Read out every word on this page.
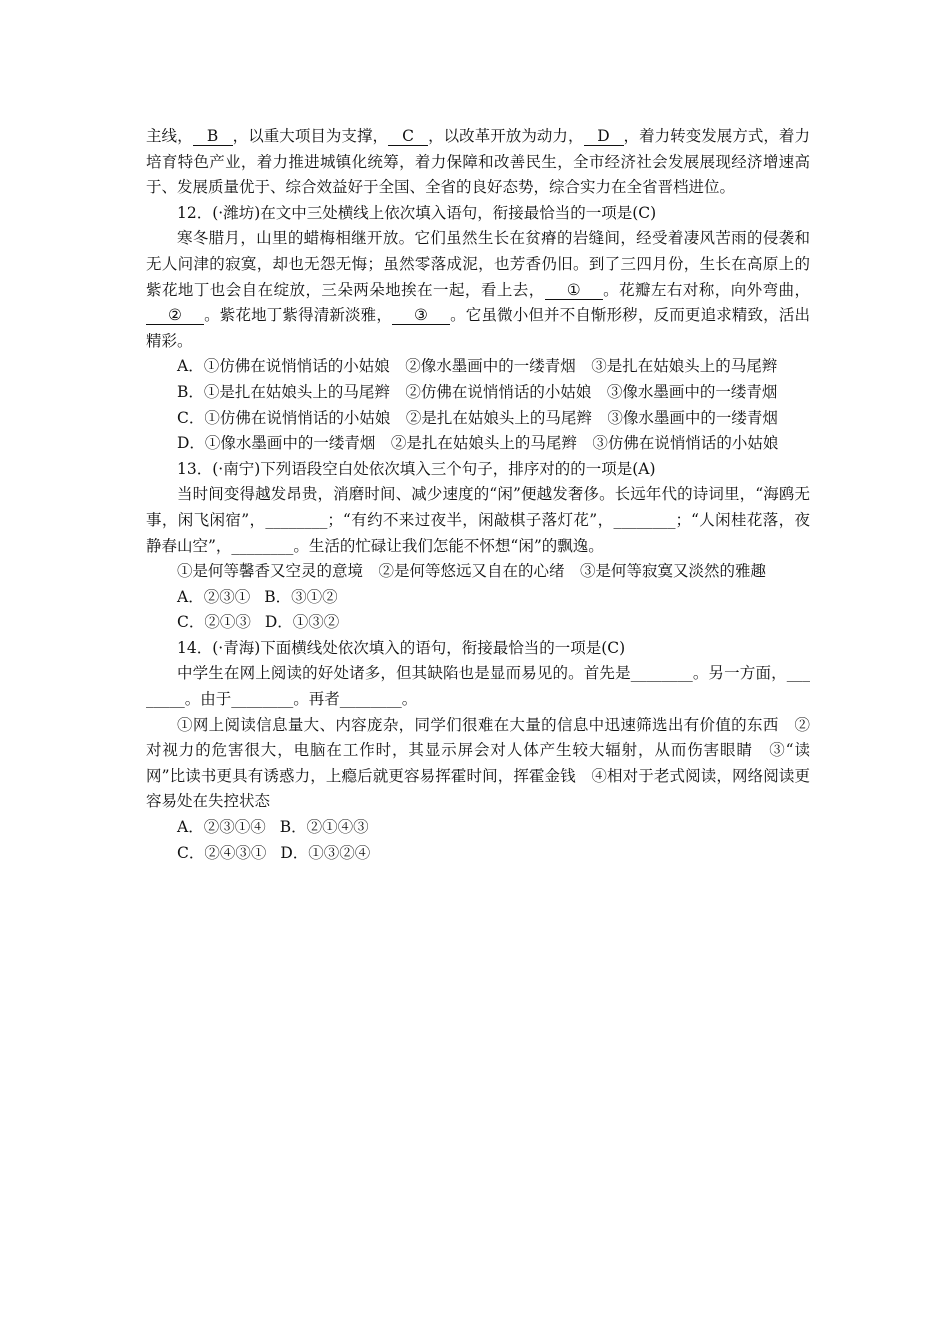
主线， B ，以重大项目为支撑， C ，以改革开放为动力， D ，着力转变发展方式，着力培育特色产业，着力推进城镇化统筹，着力保障和改善民生，全市经济社会发展展现经济增速高于、发展质量优于、综合效益好于全国、全省的良好态势，综合实力在全省晋档进位。

12．(·潍坊)在文中三处横线上依次填入语句，衔接最恰当的一项是(C)

寒冬腊月，山里的蜡梅相继开放。它们虽然生长在贫瘠的岩缝间，经受着凄风苦雨的侵袭和无人问津的寂寞，却也无怨无悔；虽然零落成泥，也芳香仍旧。到了三四月份，生长在高原上的紫花地丁也会自在绽放，三朵两朵地挨在一起，看上去， ① 。花瓣左右对称，向外弯曲，② 。紫花地丁紫得清新淡雅， ③ 。它虽微小但并不自惭形秽，反而更追求精致，活出精彩。

A．①仿佛在说悄悄话的小姑娘　②像水墨画中的一缕青烟　③是扎在姑娘头上的马尾辫

B．①是扎在姑娘头上的马尾辫　②仿佛在说悄悄话的小姑娘　③像水墨画中的一缕青烟

C．①仿佛在说悄悄话的小姑娘　②是扎在姑娘头上的马尾辫　③像水墨画中的一缕青烟

D．①像水墨画中的一缕青烟　②是扎在姑娘头上的马尾辫　③仿佛在说悄悄话的小姑娘

13．(·南宁)下列语段空白处依次填入三个句子，排序对的的一项是(A)

当时间变得越发昂贵，消磨时间、减少速度的“闲”便越发奢侈。长远年代的诗词里，“海鸥无事，闲飞闲宿”，________；“有约不来过夜半，闲敲棋子落灯花”，________；“人闲桂花落，夜静春山空”，________。生活的忙碌让我们怎能不怀想“闲”的飘逸。

①是何等馨香又空灵的意境　②是何等悠远又自在的心绪　③是何等寂寞又淡然的雅趣

A．②③① B．③①②

C．②①③ D．①③②

14．(·青海)下面横线处依次填入的语句，衔接最恰当的一项是(C)

中学生在网上阅读的好处诸多，但其缺陷也是显而易见的。首先是________。另一方面，________。由于________。再者________。

①网上阅读信息量大、内容庞杂，同学们很难在大量的信息中迅速筛选出有价值的东西　②对视力的危害很大，电脑在工作时，其显示屏会对人体产生较大辐射，从而伤害眼睛　③“读网”比读书更具有诱惑力，上瘾后就更容易挥霍时间，挥霍金钱　④相对于老式阅读，网络阅读更容易处在失控状态

A．②③①④ B．②①④③

C．②④③① D．①③②④
